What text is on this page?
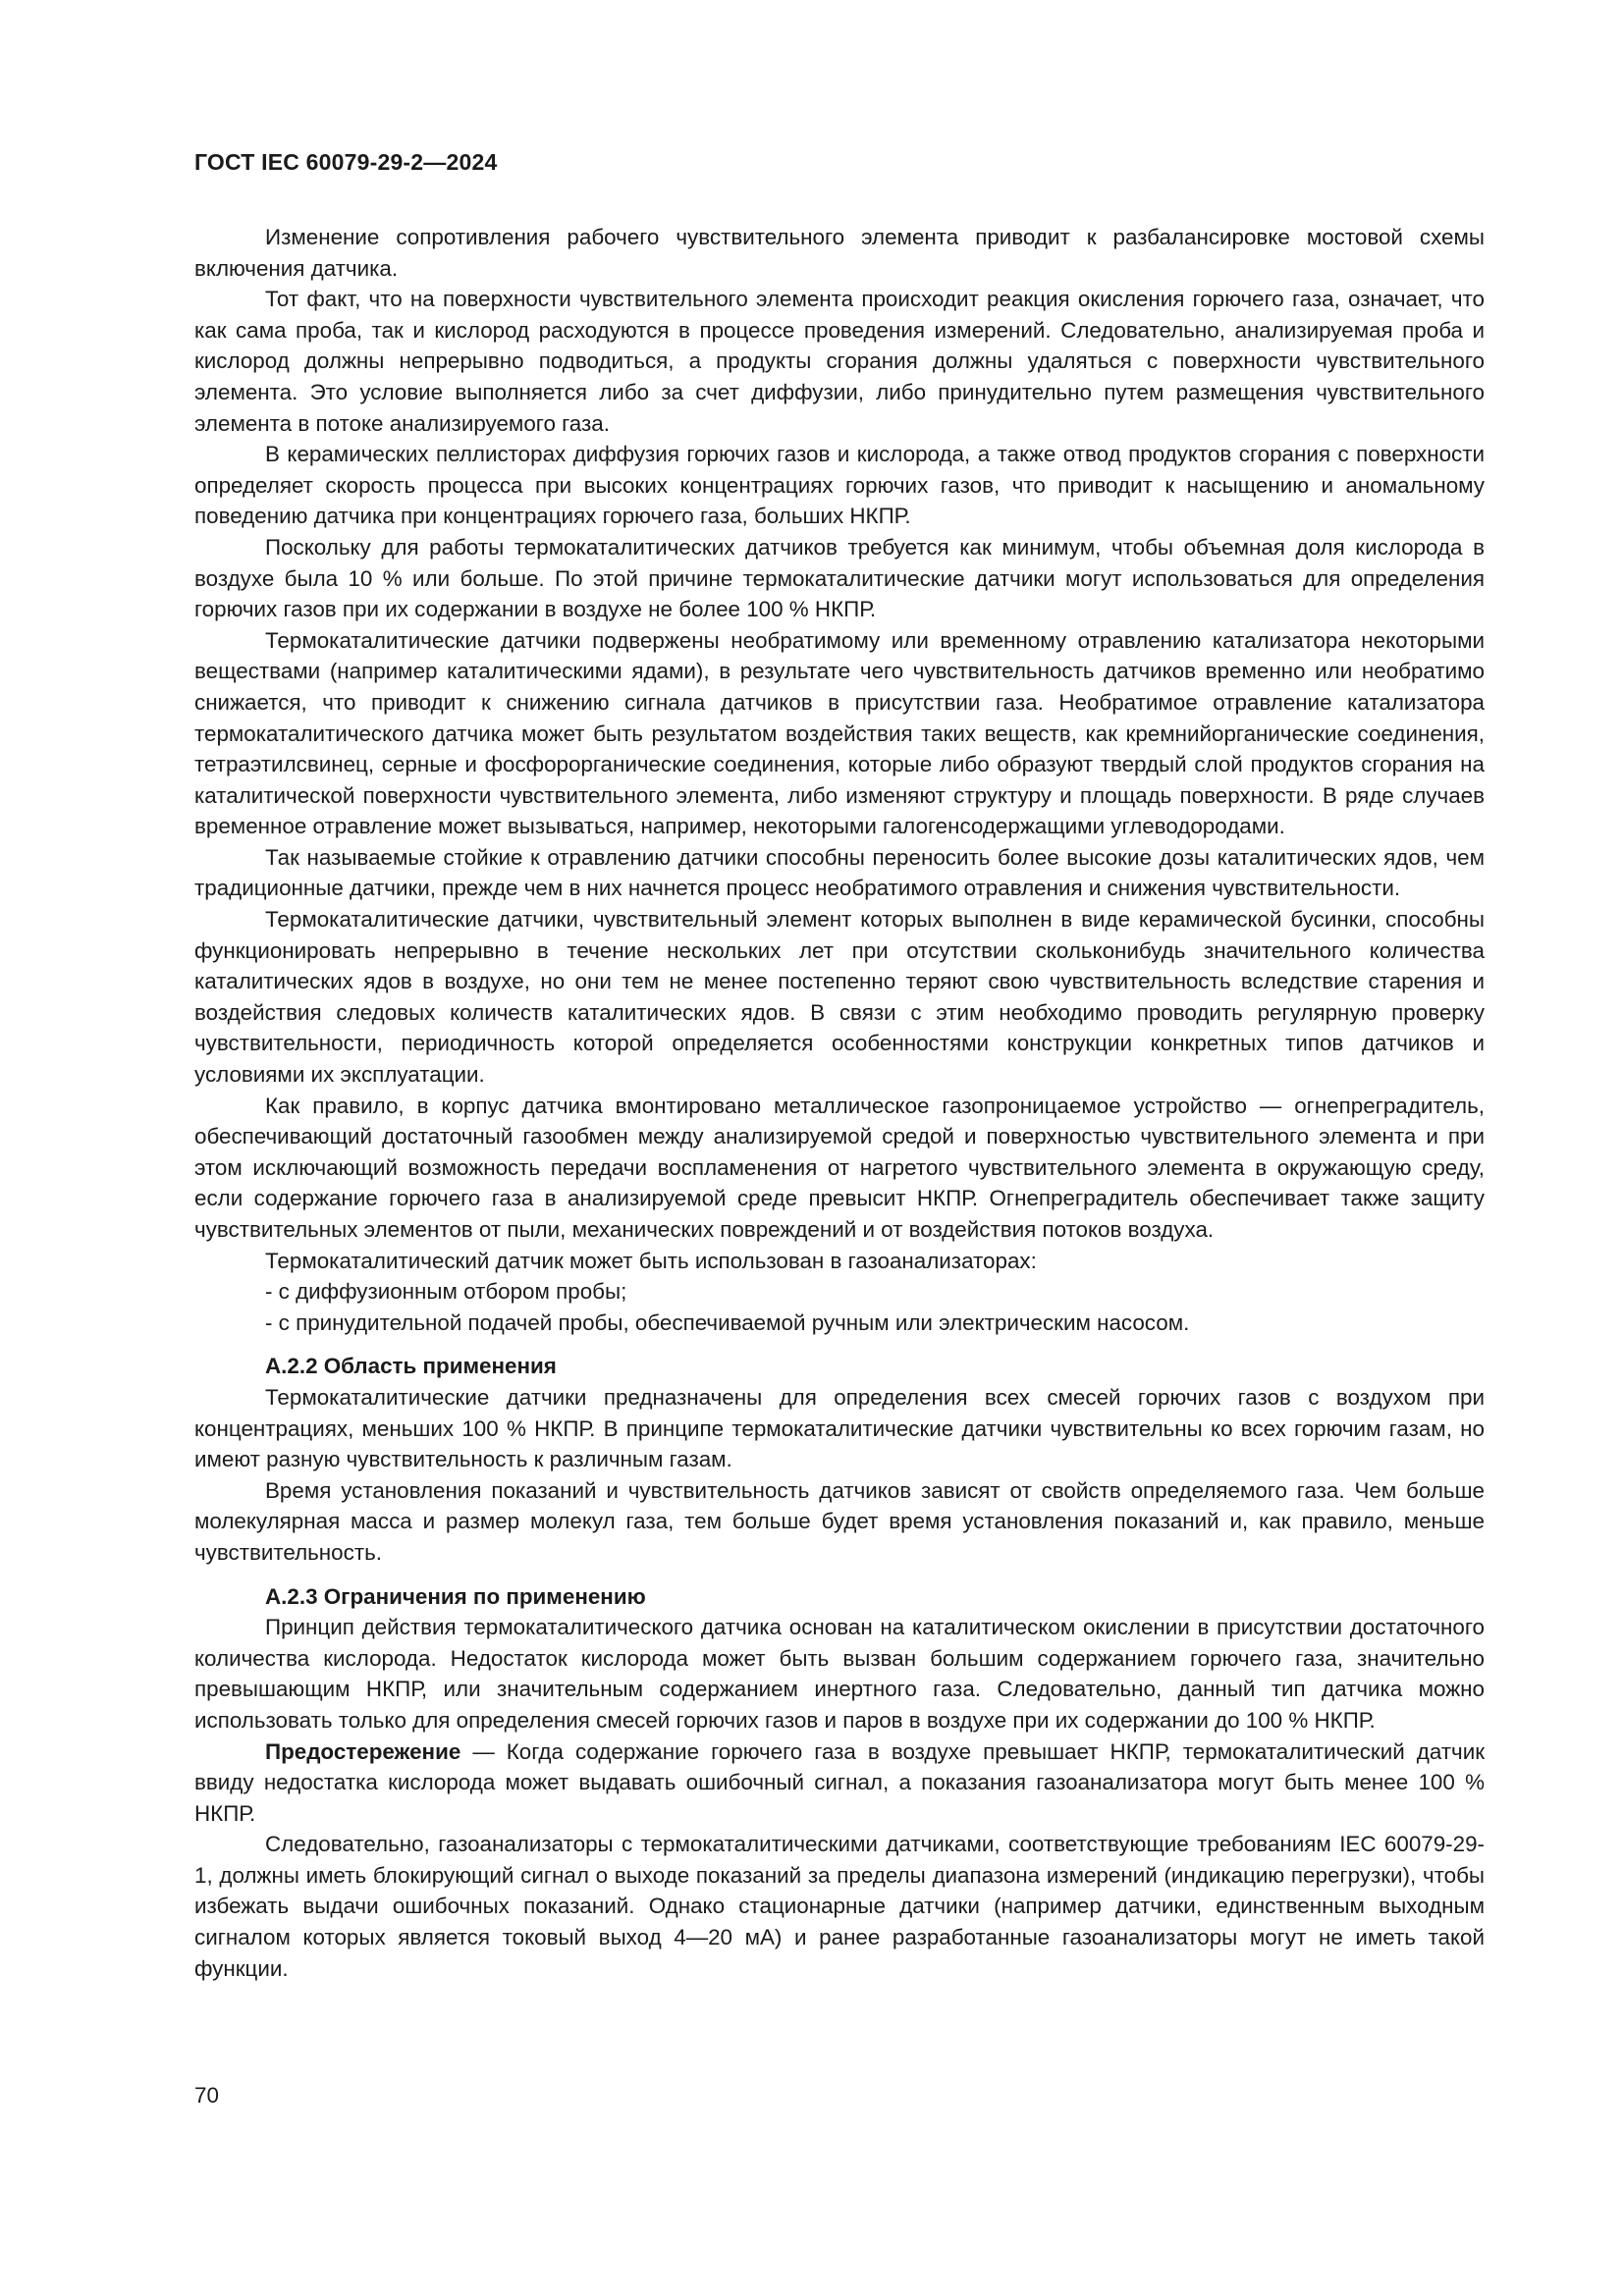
ГОСТ IEC 60079-29-2—2024

Изменение сопротивления рабочего чувствительного элемента приводит к разбалансировке мостовой схемы включения датчика.

Тот факт, что на поверхности чувствительного элемента происходит реакция окисления горючего газа, означает, что как сама проба, так и кислород расходуются в процессе проведения измерений. Следовательно, анализируемая проба и кислород должны непрерывно подводиться, а продукты сгорания должны удаляться с поверхности чувствительного элемента. Это условие выполняется либо за счет диффузии, либо принудительно путем размещения чувствительного элемента в потоке анализируемого газа.

В керамических пеллисторах диффузия горючих газов и кислорода, а также отвод продуктов сгорания с поверхности определяет скорость процесса при высоких концентрациях горючих газов, что приводит к насыщению и аномальному поведению датчика при концентрациях горючего газа, больших НКПР.

Поскольку для работы термокаталитических датчиков требуется как минимум, чтобы объемная доля кислорода в воздухе была 10 % или больше. По этой причине термокаталитические датчики могут использоваться для определения горючих газов при их содержании в воздухе не более 100 % НКПР.

Термокаталитические датчики подвержены необратимому или временному отравлению катализатора некоторыми веществами (например каталитическими ядами), в результате чего чувствительность датчиков временно или необратимо снижается, что приводит к снижению сигнала датчиков в присутствии газа. Необратимое отравление катализатора термокаталитического датчика может быть результатом воздействия таких веществ, как кремнийорганические соединения, тетраэтилсвинец, серные и фосфорорганические соединения, которые либо образуют твердый слой продуктов сгорания на каталитической поверхности чувствительного элемента, либо изменяют структуру и площадь поверхности. В ряде случаев временное отравление может вызываться, например, некоторыми галогенсодержащими углеводородами.

Так называемые стойкие к отравлению датчики способны переносить более высокие дозы каталитических ядов, чем традиционные датчики, прежде чем в них начнется процесс необратимого отравления и снижения чувствительности.

Термокаталитические датчики, чувствительный элемент которых выполнен в виде керамической бусинки, способны функционировать непрерывно в течение нескольких лет при отсутствии скольконибудь значительного количества каталитических ядов в воздухе, но они тем не менее постепенно теряют свою чувствительность вследствие старения и воздействия следовых количеств каталитических ядов. В связи с этим необходимо проводить регулярную проверку чувствительности, периодичность которой определяется особенностями конструкции конкретных типов датчиков и условиями их эксплуатации.

Как правило, в корпус датчика вмонтировано металлическое газопроницаемое устройство — огнепреградитель, обеспечивающий достаточный газообмен между анализируемой средой и поверхностью чувствительного элемента и при этом исключающий возможность передачи воспламенения от нагретого чувствительного элемента в окружающую среду, если содержание горючего газа в анализируемой среде превысит НКПР. Огнепреградитель обеспечивает также защиту чувствительных элементов от пыли, механических повреждений и от воздействия потоков воздуха.

Термокаталитический датчик может быть использован в газоанализаторах:

- с диффузионным отбором пробы;
- с принудительной подачей пробы, обеспечиваемой ручным или электрическим насосом.
А.2.2 Область применения

Термокаталитические датчики предназначены для определения всех смесей горючих газов с воздухом при концентрациях, меньших 100 % НКПР. В принципе термокаталитические датчики чувствительны ко всех горючим газам, но имеют разную чувствительность к различным газам.

Время установления показаний и чувствительность датчиков зависят от свойств определяемого газа. Чем больше молекулярная масса и размер молекул газа, тем больше будет время установления показаний и, как правило, меньше чувствительность.

А.2.3 Ограничения по применению

Принцип действия термокаталитического датчика основан на каталитическом окислении в присутствии достаточного количества кислорода. Недостаток кислорода может быть вызван большим содержанием горючего газа, значительно превышающим НКПР, или значительным содержанием инертного газа. Следовательно, данный тип датчика можно использовать только для определения смесей горючих газов и паров в воздухе при их содержании до 100 % НКПР.

Предостережение — Когда содержание горючего газа в воздухе превышает НКПР, термокаталитический датчик ввиду недостатка кислорода может выдавать ошибочный сигнал, а показания газоанализатора могут быть менее 100 % НКПР.

Следовательно, газоанализаторы с термокаталитическими датчиками, соответствующие требованиям IEC 60079-29-1, должны иметь блокирующий сигнал о выходе показаний за пределы диапазона измерений (индикацию перегрузки), чтобы избежать выдачи ошибочных показаний. Однако стационарные датчики (например датчики, единственным выходным сигналом которых является токовый выход 4—20 мА) и ранее разработанные газоанализаторы могут не иметь такой функции.

70
